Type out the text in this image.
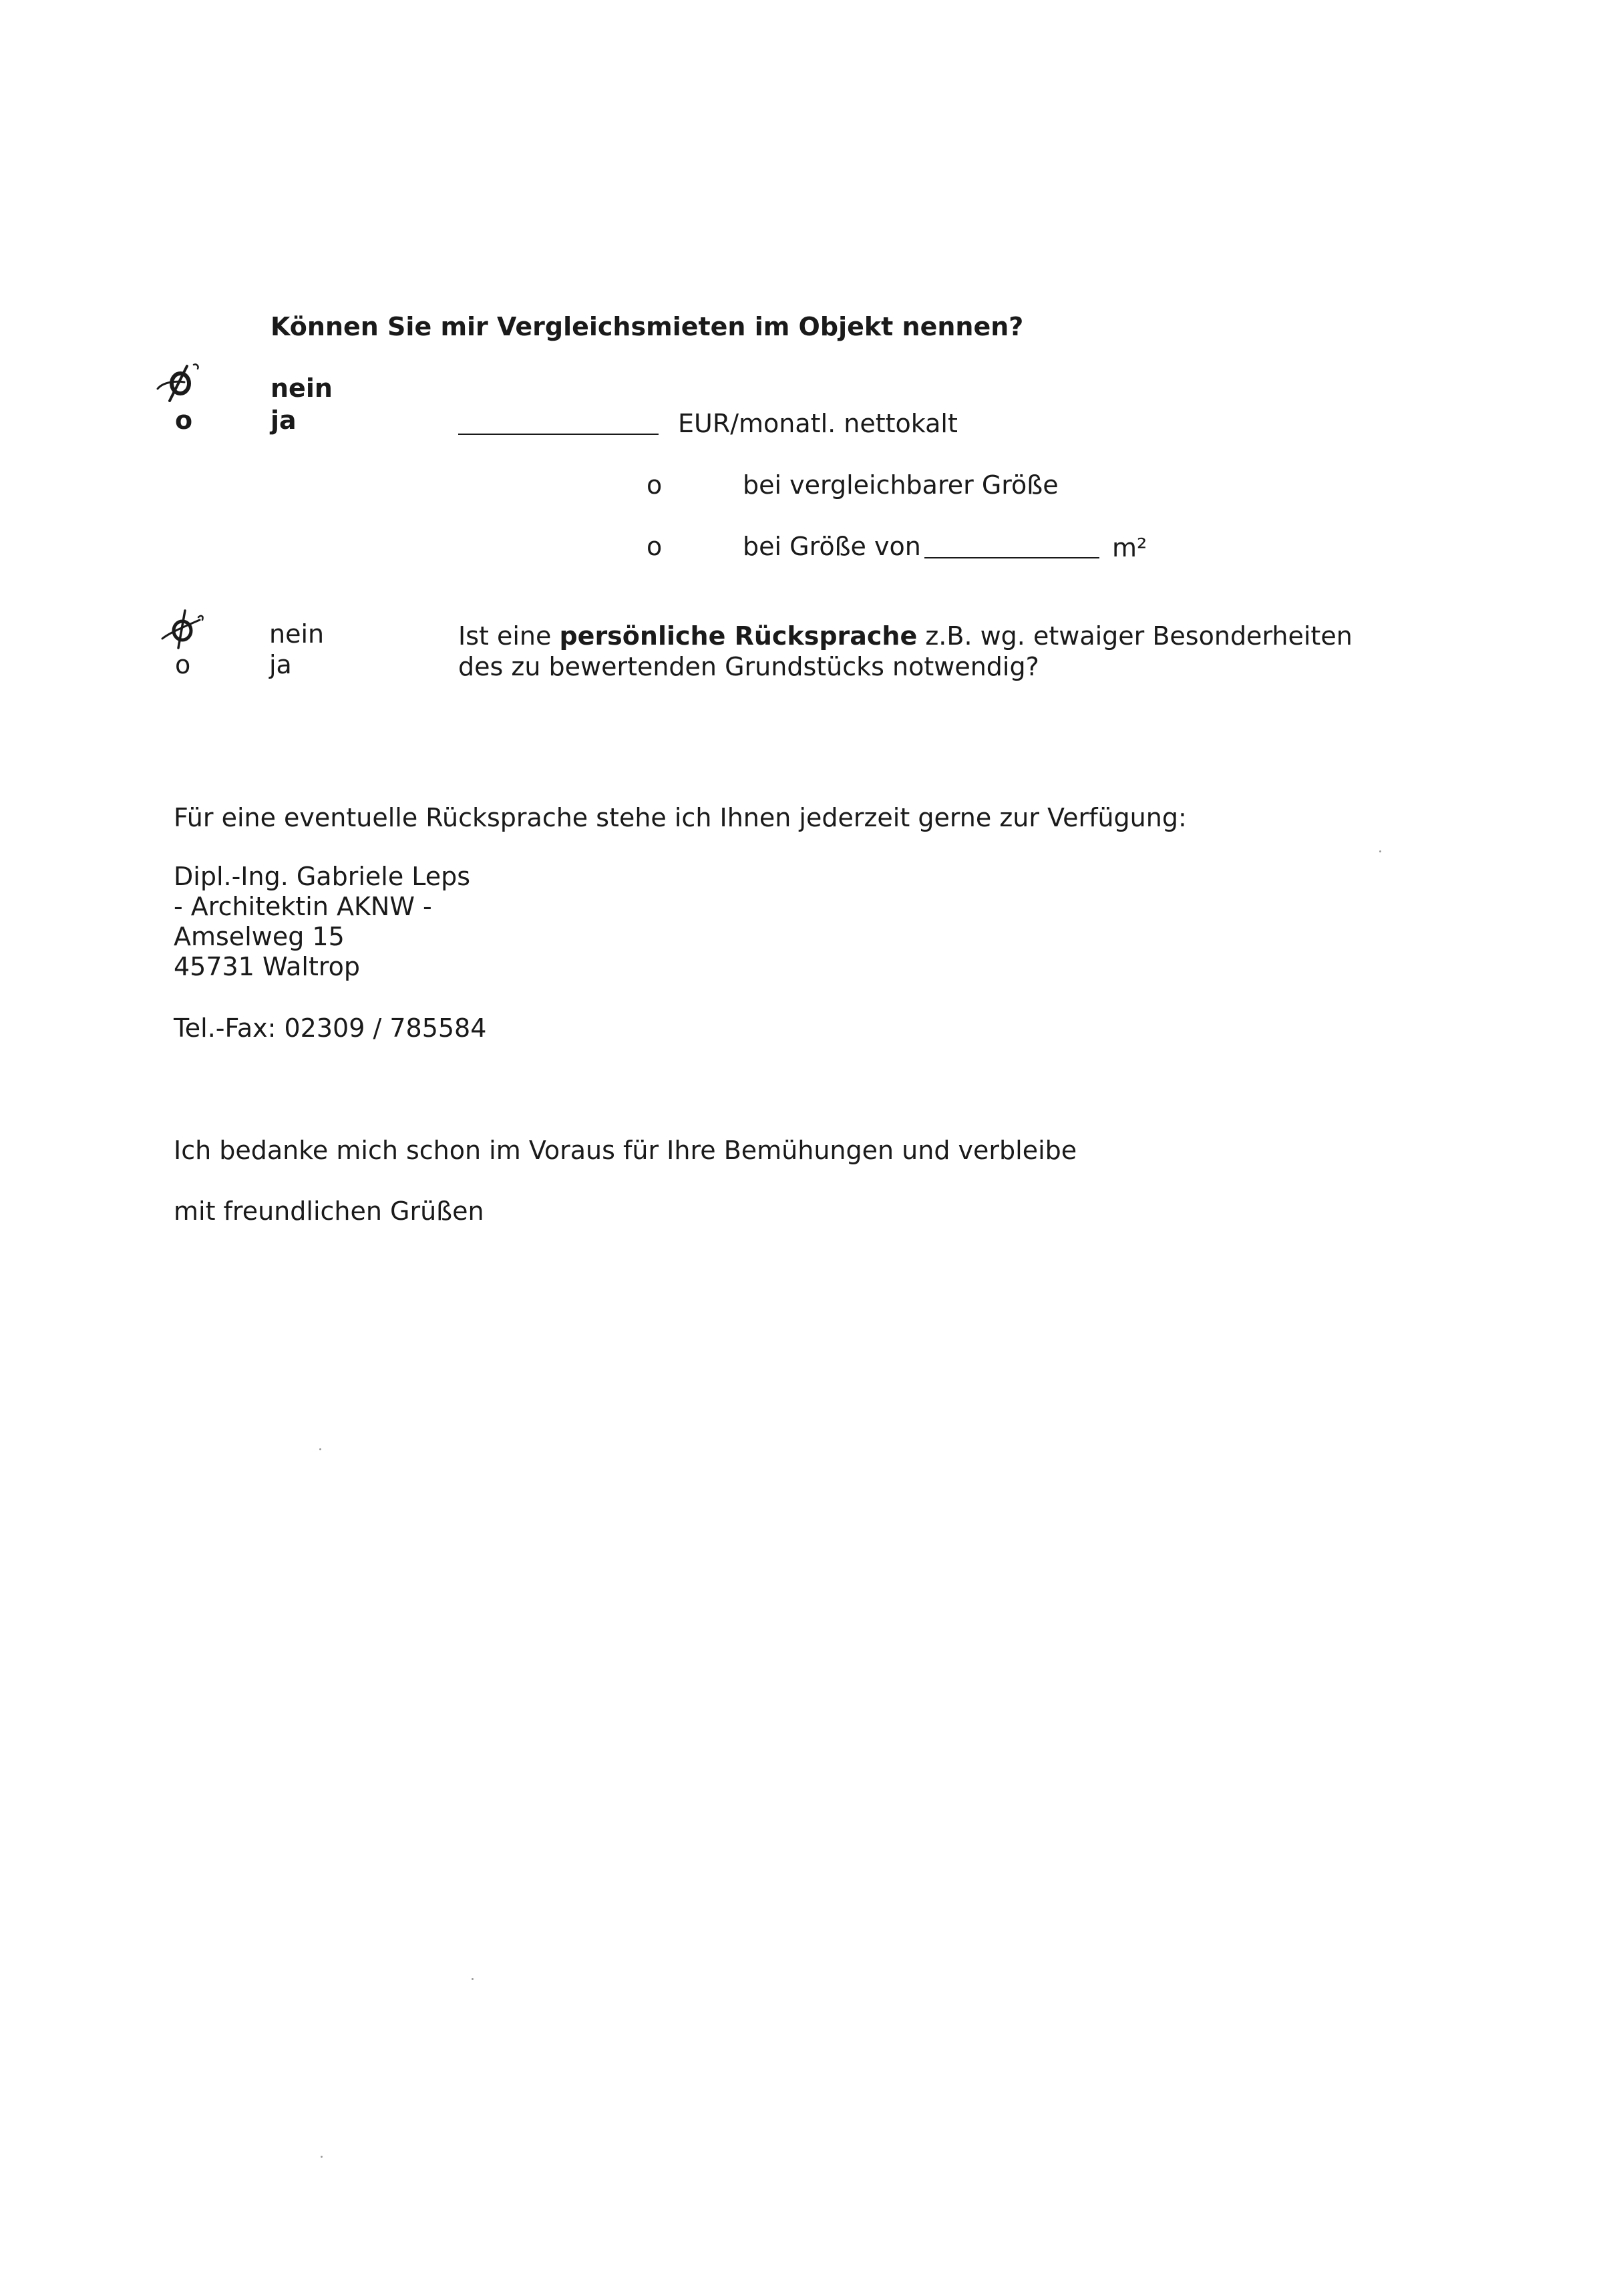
Können Sie mir Vergleichsmieten im Objekt nennen?
nein
o	ja	EUR/monatl. nettokalt
o	bei vergleichbarer Größe
o	bei Größe von	m²
nein
o	ja
Ist eine persönliche Rücksprache z.B. wg. etwaiger Besonderheiten
des zu bewertenden Grundstücks notwendig?
Für eine eventuelle Rücksprache stehe ich Ihnen jederzeit gerne zur Verfügung:
Dipl.-Ing. Gabriele Leps
- Architektin AKNW -
Amselweg 15
45731 Waltrop
Tel.-Fax: 02309 / 785584
Ich bedanke mich schon im Voraus für Ihre Bemühungen und verbleibe
mit freundlichen Grüßen
